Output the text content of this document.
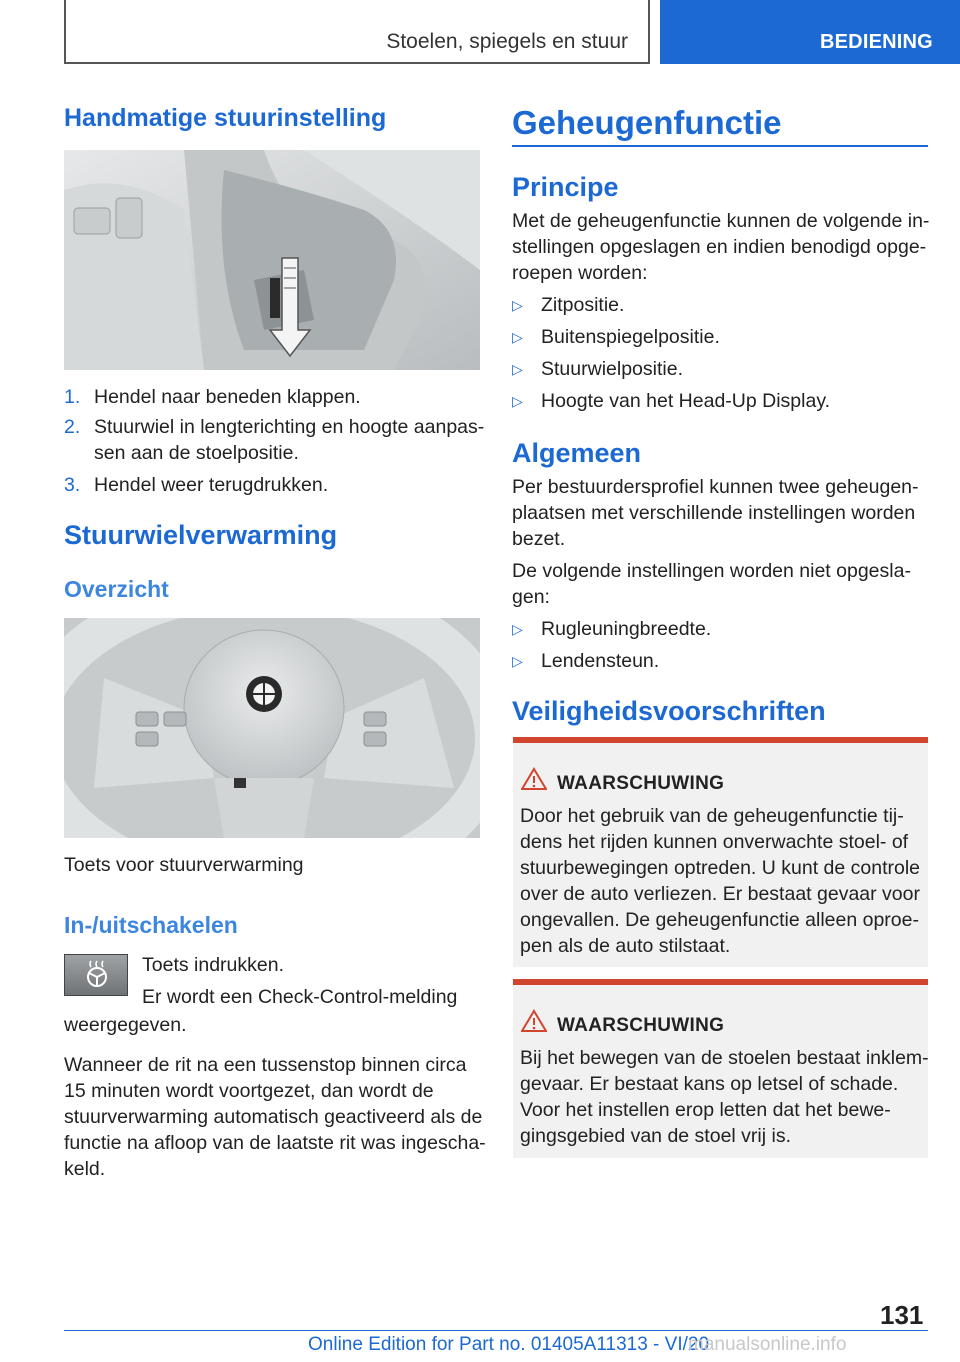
Stoelen, spiegels en stuur	BEDIENING
Handmatige stuurinstelling
1. Hendel naar beneden klappen.
2. Stuurwiel in lengterichting en hoogte aanpas-
sen aan de stoelpositie.
3. Hendel weer terugdrukken.
Stuurwielverwarming
Overzicht
Toets voor stuurverwarming
In-/uitschakelen
Toets indrukken.
Er wordt een Check-Control-melding
weergegeven.
Wanneer de rit na een tussenstop binnen circa
15 minuten wordt voortgezet, dan wordt de
stuurverwarming automatisch geactiveerd als de
functie na afloop van de laatste rit was ingescha-
keld.
Geheugenfunctie
Principe
Met de geheugenfunctie kunnen de volgende in-
stellingen opgeslagen en indien benodigd opge-
roepen worden:
▷ Zitpositie.
▷ Buitenspiegelpositie.
▷ Stuurwielpositie.
▷ Hoogte van het Head-Up Display.
Algemeen
Per bestuurdersprofiel kunnen twee geheugen-
plaatsen met verschillende instellingen worden
bezet.
De volgende instellingen worden niet opgesla-
gen:
▷ Rugleuningbreedte.
▷ Lendensteun.
Veiligheidsvoorschriften
WAARSCHUWING
Door het gebruik van de geheugenfunctie tij-
dens het rijden kunnen onverwachte stoel- of
stuurbewegingen optreden. U kunt de controle
over de auto verliezen. Er bestaat gevaar voor
ongevallen. De geheugenfunctie alleen oproe-
pen als de auto stilstaat.
WAARSCHUWING
Bij het bewegen van de stoelen bestaat inklem-
gevaar. Er bestaat kans op letsel of schade.
Voor het instellen erop letten dat het bewe-
gingsgebied van de stoel vrij is.
131
Online Edition for Part no. 01405A11313 - VI/20
manualsonline.info
